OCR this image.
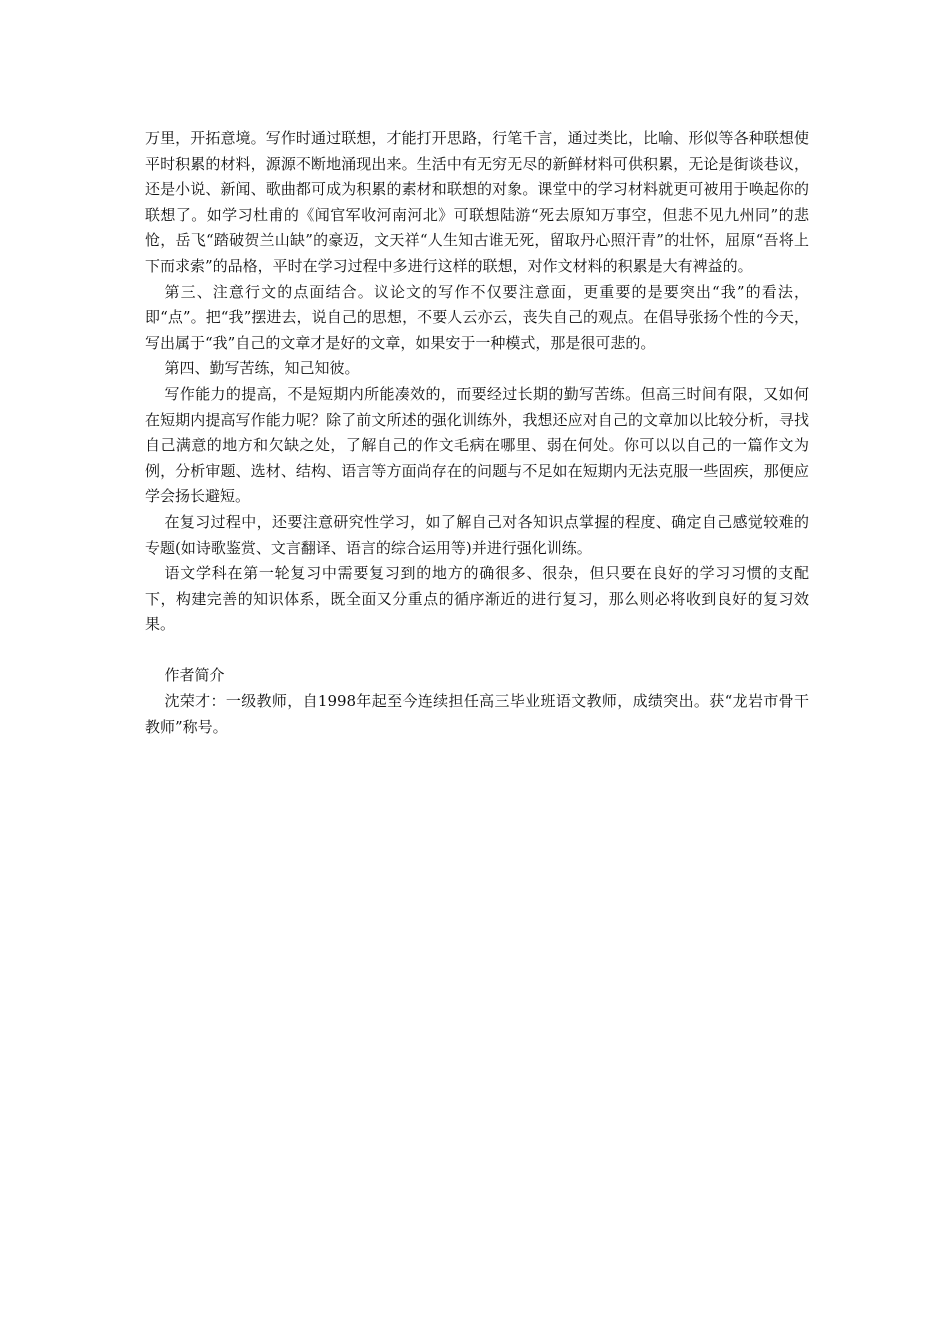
万里，开拓意境。写作时通过联想，才能打开思路，行笔千言，通过类比，比喻、形似等各种联想使平时积累的材料，源源不断地涌现出来。生活中有无穷无尽的新鲜材料可供积累，无论是街谈巷议，还是小说、新闻、歌曲都可成为积累的素材和联想的对象。课堂中的学习材料就更可被用于唤起你的联想了。如学习杜甫的《闻官军收河南河北》可联想陆游“死去原知万事空，但悲不见九州同”的悲怆，岳飞“踏破贺兰山缺”的豪迈，文天祥“人生知古谁无死，留取丹心照汗青”的壮怀，屈原“吾将上下而求索”的品格，平时在学习过程中多进行这样的联想，对作文材料的积累是大有裨益的。

第三、注意行文的点面结合。议论文的写作不仅要注意面，更重要的是要突出“我”的看法，即“点”。把“我”摆进去，说自己的思想，不要人云亦云，丧失自己的观点。在倡导张扬个性的今天，写出属于“我”自己的文章才是好的文章，如果安于一种模式，那是很可悲的。

第四、勤写苦练，知己知彼。

写作能力的提高，不是短期内所能凑效的，而要经过长期的勤写苦练。但高三时间有限，又如何在短期内提高写作能力呢？除了前文所述的强化训练外，我想还应对自己的文章加以比较分析，寻找自己满意的地方和欠缺之处，了解自己的作文毛病在哪里、弱在何处。你可以以自己的一篇作文为例，分析审题、选材、结构、语言等方面尚存在的问题与不足如在短期内无法克服一些固疾，那便应学会扬长避短。

在复习过程中，还要注意研究性学习，如了解自己对各知识点掌握的程度、确定自己感觉较难的专题(如诗歌鉴赏、文言翻译、语言的综合运用等)并进行强化训练。

语文学科在第一轮复习中需要复习到的地方的确很多、很杂，但只要在良好的学习习惯的支配下，构建完善的知识体系，既全面又分重点的循序渐近的进行复习，那么则必将收到良好的复习效果。

作者简介

沈荣才：一级教师，自1998年起至今连续担任高三毕业班语文教师，成绩突出。获“龙岩市骨干教师”称号。
